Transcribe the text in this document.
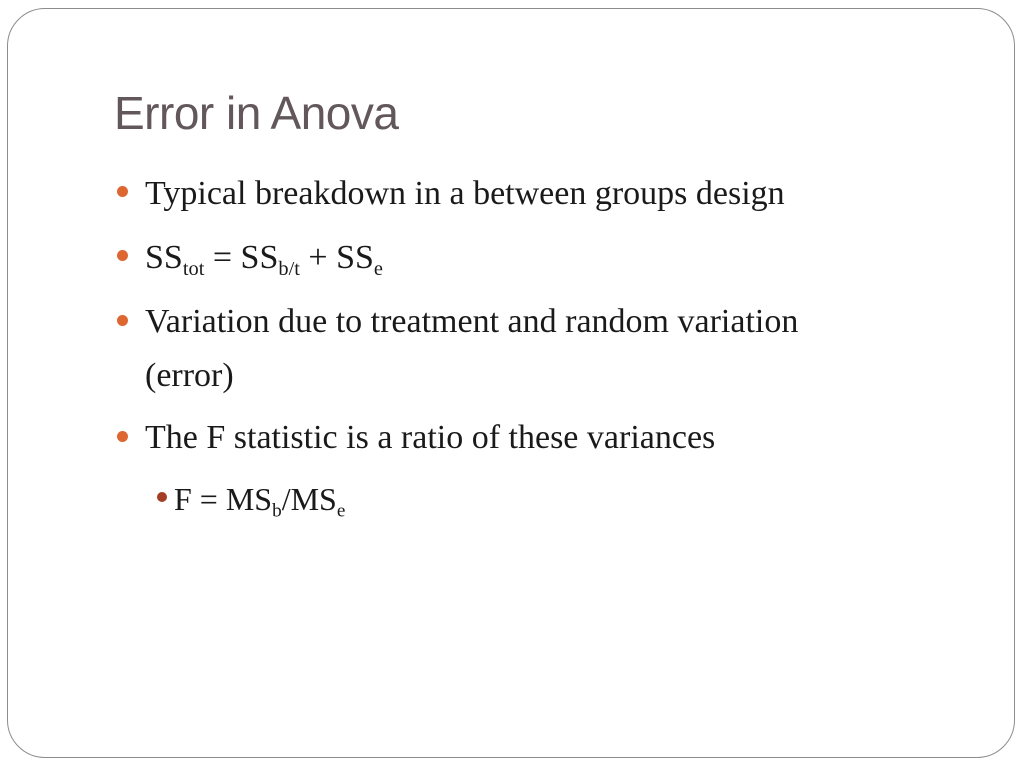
Error in Anova
Typical breakdown in a between groups design
$SS_{tot} = SS_{b/t} + SS_e$
Variation due to treatment and random variation
(error)
The F statistic is a ratio of these variances
$F = MS_b/MS_e$
